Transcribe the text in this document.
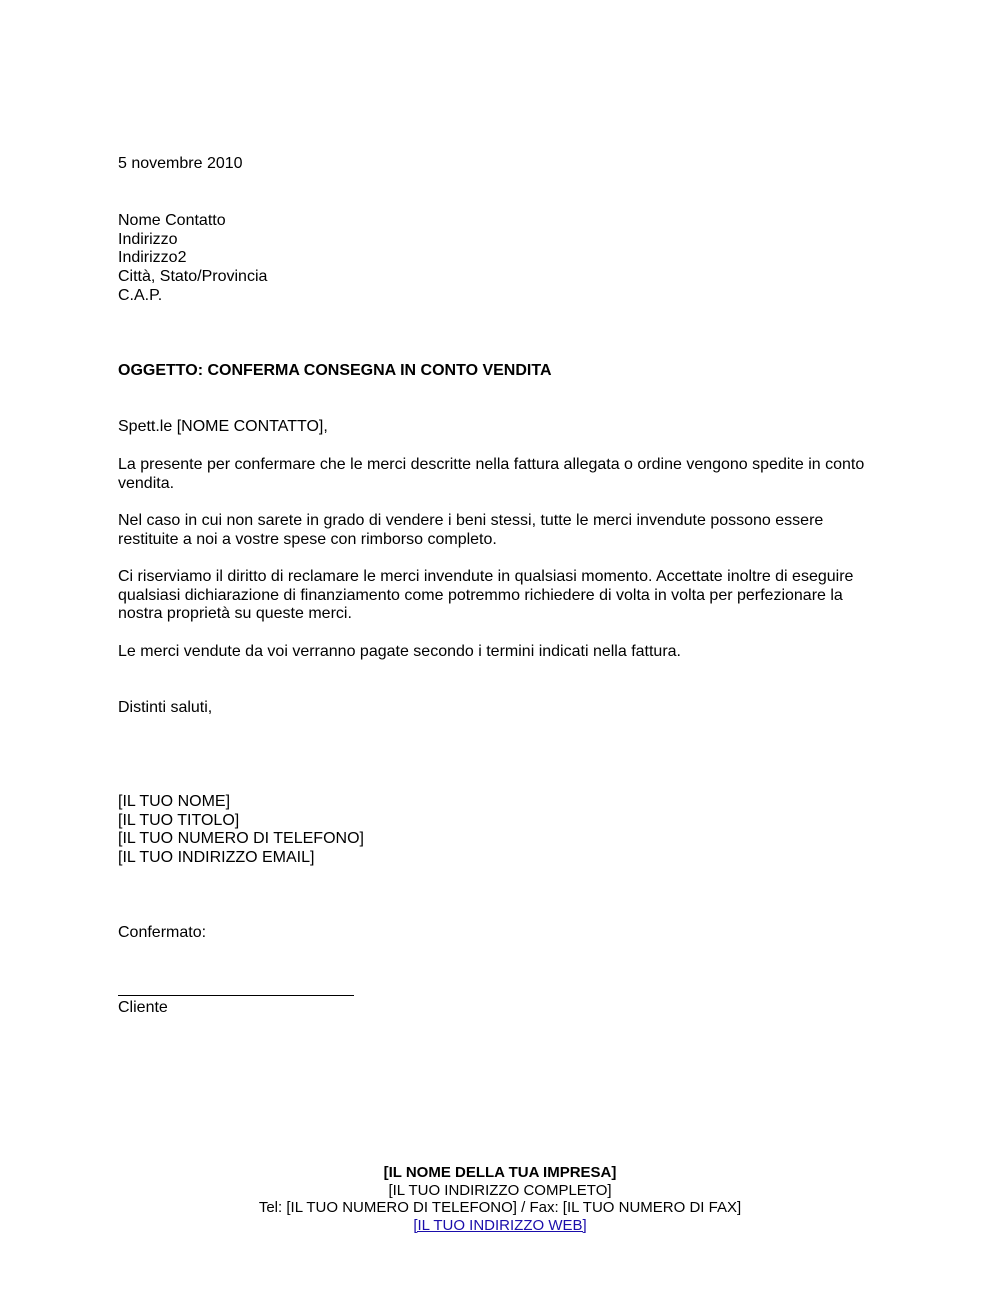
5 novembre 2010
Nome Contatto
Indirizzo
Indirizzo2
Città, Stato/Provincia
C.A.P.
OGGETTO: CONFERMA CONSEGNA IN CONTO VENDITA
Spett.le [NOME CONTATTO],
La presente per confermare che le merci descritte nella fattura allegata o ordine vengono spedite in conto vendita.
Nel caso in cui non sarete in grado di vendere i beni stessi, tutte le merci invendute possono essere restituite a noi a vostre spese con rimborso completo.
Ci riserviamo il diritto di reclamare le merci invendute in qualsiasi momento. Accettate inoltre di eseguire qualsiasi dichiarazione di finanziamento come potremmo richiedere di volta in volta per perfezionare la nostra proprietà su queste merci.
Le merci vendute da voi verranno pagate secondo i termini indicati nella fattura.
Distinti saluti,
[IL TUO NOME]
[IL TUO TITOLO]
[IL TUO NUMERO DI TELEFONO]
[IL TUO INDIRIZZO EMAIL]
Confermato:
Cliente
[IL NOME DELLA TUA IMPRESA]
[IL TUO INDIRIZZO COMPLETO]
Tel: [IL TUO NUMERO DI TELEFONO] / Fax: [IL TUO NUMERO DI FAX]
[IL TUO INDIRIZZO WEB]
